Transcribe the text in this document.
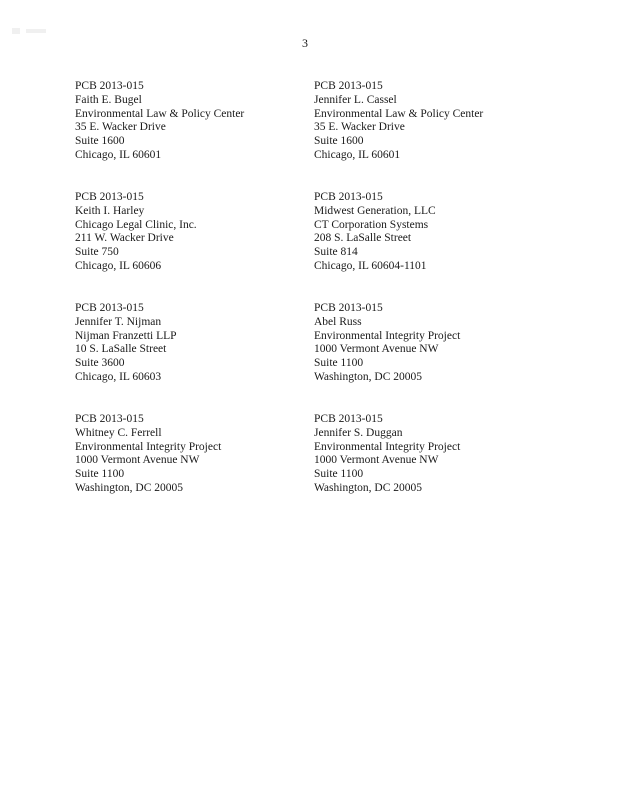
3
PCB 2013-015
Faith E. Bugel
Environmental Law & Policy Center
35 E. Wacker Drive
Suite 1600
Chicago, IL 60601
PCB 2013-015
Jennifer L. Cassel
Environmental Law & Policy Center
35 E. Wacker Drive
Suite 1600
Chicago, IL 60601
PCB 2013-015
Keith I. Harley
Chicago Legal Clinic, Inc.
211 W. Wacker Drive
Suite 750
Chicago, IL 60606
PCB 2013-015
Midwest Generation, LLC
CT Corporation Systems
208 S. LaSalle Street
Suite 814
Chicago, IL 60604-1101
PCB 2013-015
Jennifer T. Nijman
Nijman Franzetti LLP
10 S. LaSalle Street
Suite 3600
Chicago, IL 60603
PCB 2013-015
Abel Russ
Environmental Integrity Project
1000 Vermont Avenue NW
Suite 1100
Washington, DC 20005
PCB 2013-015
Whitney C. Ferrell
Environmental Integrity Project
1000 Vermont Avenue NW
Suite 1100
Washington, DC 20005
PCB 2013-015
Jennifer S. Duggan
Environmental Integrity Project
1000 Vermont Avenue NW
Suite 1100
Washington, DC 20005
